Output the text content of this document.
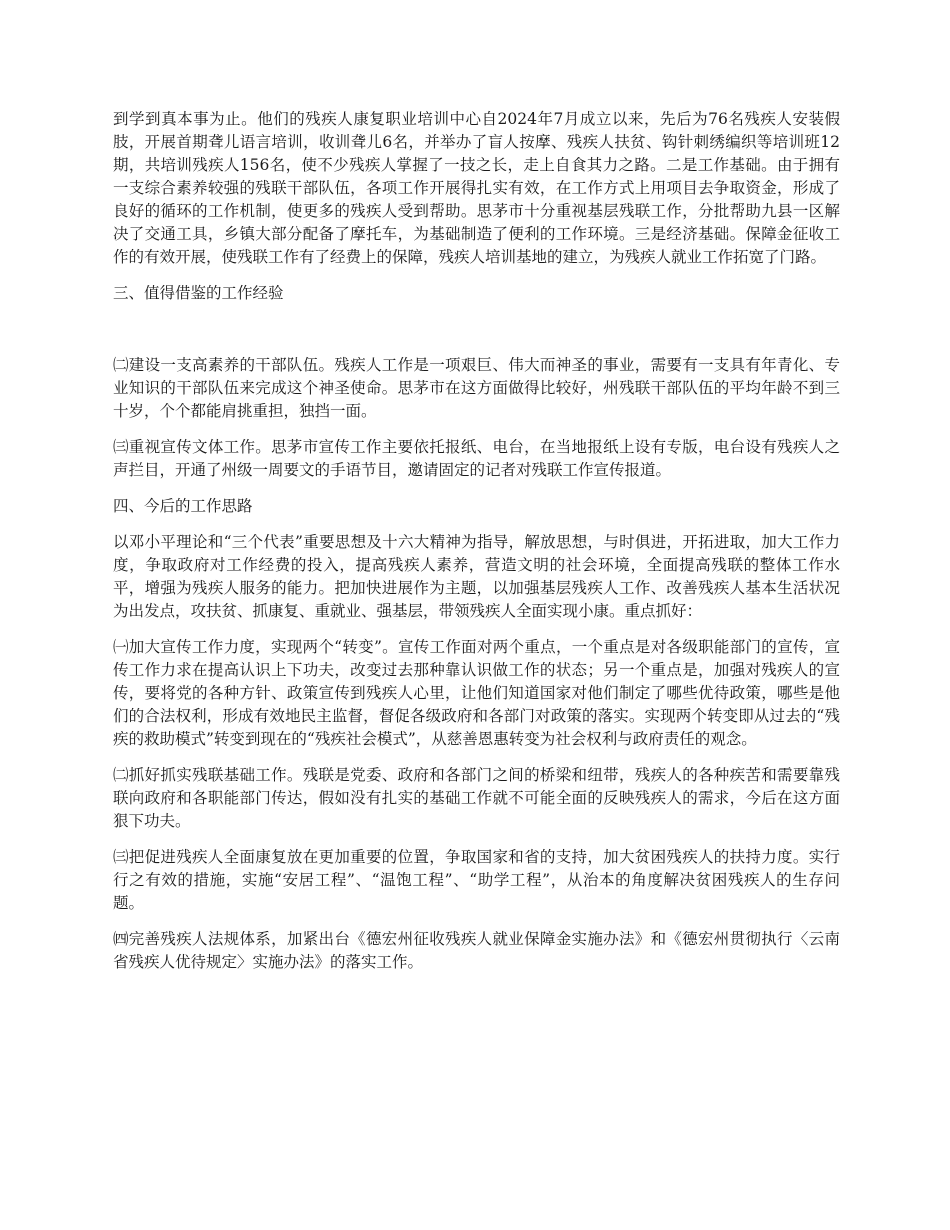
到学到真本事为止。他们的残疾人康复职业培训中心自2024年7月成立以来，先后为76名残疾人安装假肢，开展首期聋儿语言培训，收训聋儿6名，并举办了盲人按摩、残疾人扶贫、钩针刺绣编织等培训班12期，共培训残疾人156名，使不少残疾人掌握了一技之长，走上自食其力之路。二是工作基础。由于拥有一支综合素养较强的残联干部队伍，各项工作开展得扎实有效，在工作方式上用项目去争取资金，形成了良好的循环的工作机制，使更多的残疾人受到帮助。思茅市十分重视基层残联工作，分批帮助九县一区解决了交通工具，乡镇大部分配备了摩托车，为基础制造了便利的工作环境。三是经济基础。保障金征收工作的有效开展，使残联工作有了经费上的保障，残疾人培训基地的建立，为残疾人就业工作拓宽了门路。

三、值得借鉴的工作经验

㈡建设一支高素养的干部队伍。残疾人工作是一项艰巨、伟大而神圣的事业，需要有一支具有年青化、专业知识的干部队伍来完成这个神圣使命。思茅市在这方面做得比较好，州残联干部队伍的平均年龄不到三十岁，个个都能肩挑重担，独挡一面。

㈢重视宣传文体工作。思茅市宣传工作主要依托报纸、电台，在当地报纸上设有专版，电台设有残疾人之声拦目，开通了州级一周要文的手语节目，邀请固定的记者对残联工作宣传报道。

四、今后的工作思路

以邓小平理论和“三个代表”重要思想及十六大精神为指导，解放思想，与时俱进，开拓进取，加大工作力度，争取政府对工作经费的投入，提高残疾人素养，营造文明的社会环境，全面提高残联的整体工作水平，增强为残疾人服务的能力。把加快进展作为主题，以加强基层残疾人工作、改善残疾人基本生活状况为出发点，攻扶贫、抓康复、重就业、强基层，带领残疾人全面实现小康。重点抓好：

㈠加大宣传工作力度，实现两个“转变”。宣传工作面对两个重点，一个重点是对各级职能部门的宣传，宣传工作力求在提高认识上下功夫，改变过去那种靠认识做工作的状态；另一个重点是，加强对残疾人的宣传，要将党的各种方针、政策宣传到残疾人心里，让他们知道国家对他们制定了哪些优待政策，哪些是他们的合法权利，形成有效地民主监督，督促各级政府和各部门对政策的落实。实现两个转变即从过去的“残疾的救助模式”转变到现在的“残疾社会模式”，从慈善恩惠转变为社会权利与政府责任的观念。

㈡抓好抓实残联基础工作。残联是党委、政府和各部门之间的桥梁和纽带，残疾人的各种疾苦和需要靠残联向政府和各职能部门传达，假如没有扎实的基础工作就不可能全面的反映残疾人的需求，今后在这方面狠下功夫。

㈢把促进残疾人全面康复放在更加重要的位置，争取国家和省的支持，加大贫困残疾人的扶持力度。实行行之有效的措施，实施“安居工程”、“温饱工程”、“助学工程”，从治本的角度解决贫困残疾人的生存问题。

㈣完善残疾人法规体系，加紧出台《德宏州征收残疾人就业保障金实施办法》和《德宏州贯彻执行〈云南省残疾人优待规定〉实施办法》的落实工作。
